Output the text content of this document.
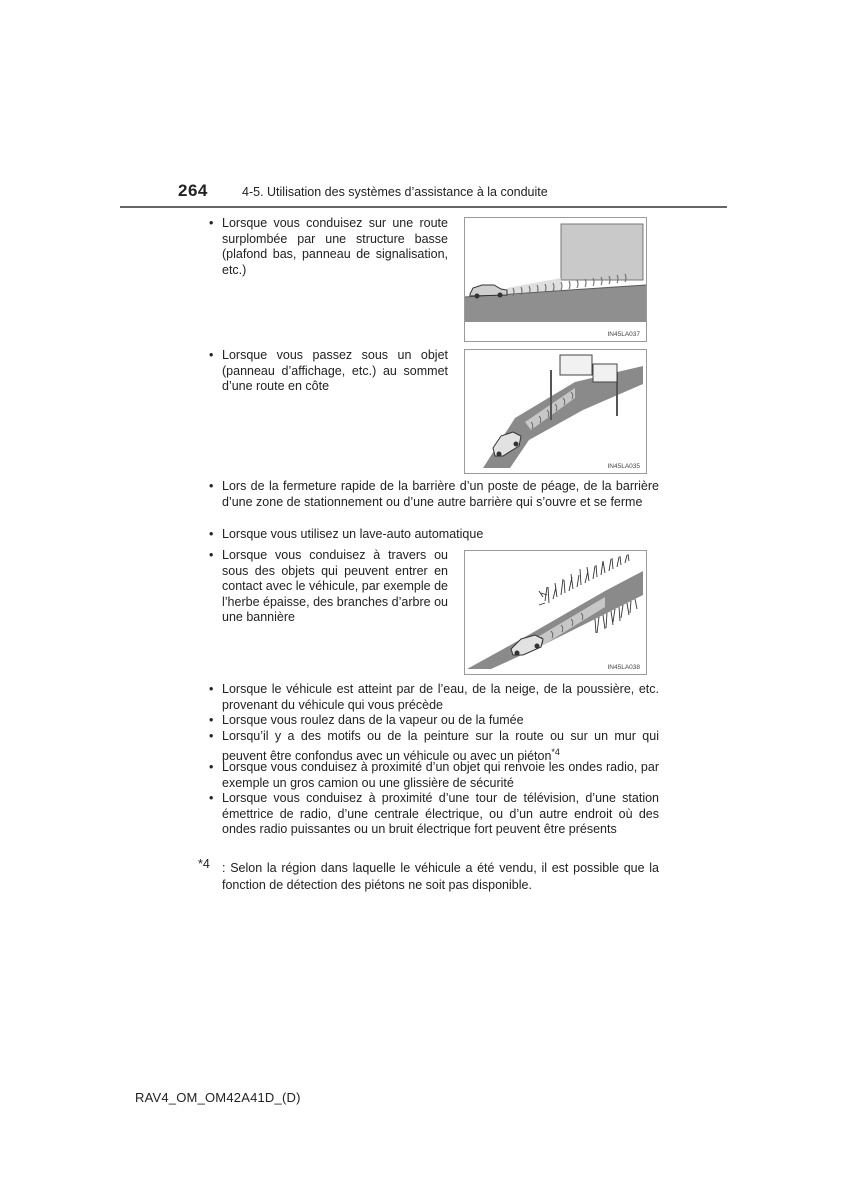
264	4-5. Utilisation des systèmes d’assistance à la conduite
• Lorsque vous conduisez sur une route surplombée par une structure basse (plafond bas, panneau de signalisation, etc.)
IN45LA037
• Lorsque vous passez sous un objet (panneau d’affichage, etc.) au sommet d’une route en côte
IN45LA035
• Lors de la fermeture rapide de la barrière d’un poste de péage, de la barrière d’une zone de stationnement ou d’une autre barrière qui s’ouvre et se ferme
• Lorsque vous utilisez un lave-auto automatique
• Lorsque vous conduisez à travers ou sous des objets qui peuvent entrer en contact avec le véhicule, par exemple de l’herbe épaisse, des branches d’arbre ou une bannière
IN45LA038
• Lorsque le véhicule est atteint par de l’eau, de la neige, de la poussière, etc. provenant du véhicule qui vous précède
• Lorsque vous roulez dans de la vapeur ou de la fumée
• Lorsqu’il y a des motifs ou de la peinture sur la route ou sur un mur qui peuvent être confondus avec un véhicule ou avec un piéton$^{*4}$
• Lorsque vous conduisez à proximité d’un objet qui renvoie les ondes radio, par exemple un gros camion ou une glissière de sécurité
• Lorsque vous conduisez à proximité d’une tour de télévision, d’une station émettrice de radio, d’une centrale électrique, ou d’un autre endroit où des ondes radio puissantes ou un bruit électrique fort peuvent être présents
*4 : Selon la région dans laquelle le véhicule a été vendu, il est possible que la fonction de détection des piétons ne soit pas disponible.
RAV4_OM_OM42A41D_(D)
